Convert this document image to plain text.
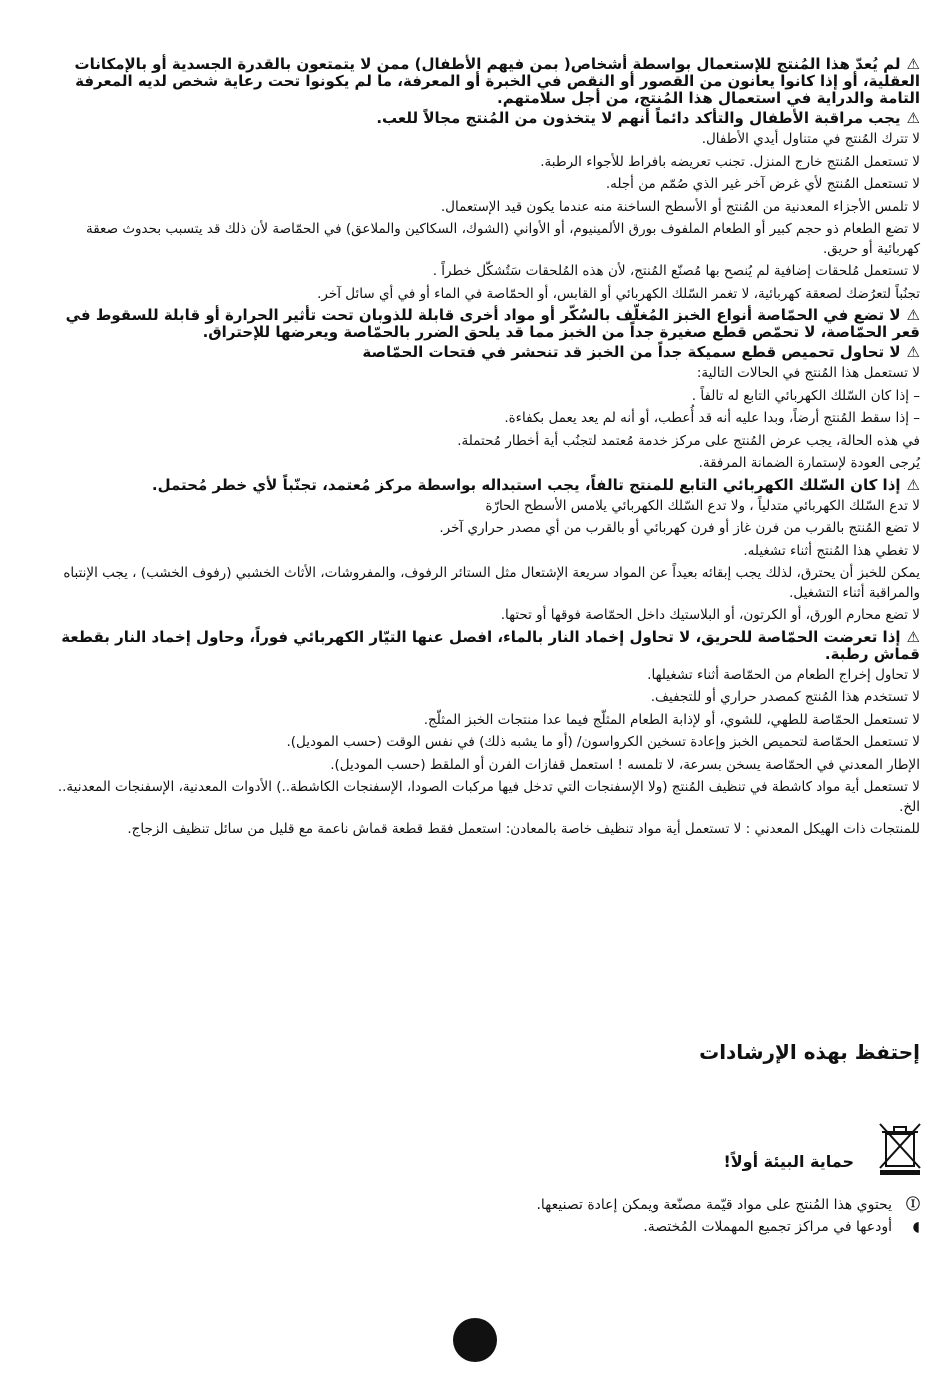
⚠لم يُعدّ هذا المُنتج للإستعمال بواسطة أشخاص( بمن فيهم الأطفال) ممن لا يتمتعون بالقدرة الجسدية أو بالإمكانات العقلية، أو إذا كانوا يعانون من القصور أو النقص في الخبرة أو المعرفة، ما لم يكونوا تحت رعاية شخص لديه المعرفة التامة والدراية في استعمال هذا المُنتج، من أجل سلامتهم.

⚠يجب مراقبة الأطفال والتأكد دائماً أنهم لا يتخذون من المُنتج مجالاً للعب.

لا تترك المُنتج في متناول أيدي الأطفال.

لا تستعمل المُنتج خارج المنزل. تجنب تعريضه بافراط للأجواء الرطبة.

لا تستعمل المُنتج لأي غرض آخر غير الذي صُمّم من أجله.

لا تلمس الأجزاء المعدنية من المُنتج أو الأسطح الساخنة منه عندما يكون قيد الإستعمال.

لا تضع الطعام ذو حجم كبير أو الطعام الملفوف بورق الألمينيوم، أو الأواني (الشوك، السكاكين والملاعق) في الحمّاصة لأن ذلك قد يتسبب بحدوث صعقة كهربائية أو حريق.

لا تستعمل مُلحقات إضافية لم يُنصح بها مُصنّع المُنتج، لأن هذه المُلحقات سَتُشكّل خطراً .

تجنُباً لتعرُضك لصعقة كهربائية، لا تغمر السّلك الكهربائي أو القابس، أو الحمّاصة في الماء أو في أي سائل آخر.

⚠لا تضع في الحمّاصة أنواع الخبز المُغلّف بالسُكّر أو مواد أخرى قابلة للذوبان تحت تأثير الحرارة أو قابلة للسقوط في قعر الحمّاصة، لا تحمّص قطع صغيرة جداً من الخبز مما قد يلحق الضرر بالحمّاصة ويعرضها للإحتراق.

⚠لا تحاول تحميص قطع سميكة جداً من الخبز قد تنحشر في فتحات الحمّاصة

لا تستعمل هذا المُنتج في الحالات التالية:

– إذا كان السّلك الكهربائي التابع له تالفاً .

– إذا سقط المُنتج أرضاً، وبدا عليه أنه قد أُعطب، أو أنه لم يعد يعمل بكفاءة.

في هذه الحالة، يجب عرض المُنتج على مركز خدمة مُعتمد لتجنُب أية أخطار مُحتملة.

يُرجى العودة لإستمارة الضمانة المرفقة.

⚠إذا كان السّلك الكهربائي التابع للمنتج تالفاً، يجب استبداله بواسطة مركز مُعتمد، تجنّباً لأي خطر مُحتمل.

لا تدع السّلك الكهربائي متدلياً ، ولا تدع السّلك الكهربائي يلامس الأسطح الحارّة

لا تضع المُنتج بالقرب من فرن غاز أو فرن كهربائي أو بالقرب من أي مصدر حراري آخر.

لا تغطي هذا المُنتج أثناء تشغيله.

يمكن للخبز أن يحترق، لذلك يجب إبقائه بعيداً عن المواد سريعة الإشتعال مثل الستائر الرفوف، والمفروشات، الأثاث الخشبي (رفوف الخشب) ، يجب الإنتباه والمراقبة أثناء التشغيل.

لا تضع محارم الورق، أو الكرتون، أو البلاستيك داخل الحمّاصة فوقها أو تحتها.

⚠إذا تعرضت الحمّاصة للحريق، لا تحاول إخماد النار بالماء، افصل عنها التيّار الكهربائي فوراً، وحاول إخماد النار بقطعة قماش رطبة.

لا تحاول إخراج الطعام من الحمّاصة أثناء تشغيلها.

لا تستخدم هذا المُنتج كمصدر حراري أو للتجفيف.

لا تستعمل الحمّاصة للطهي، للشوي، أو لإذابة الطعام المثلّج فيما عدا منتجات الخبز المثلّج.

لا تستعمل الحمّاصة لتحميص الخبز وإعادة تسخين الكرواسون/ (أو ما يشبه ذلك) في نفس الوقت (حسب الموديل).

الإطار المعدني في الحمّاصة يسخن بسرعة، لا تلمسه ! استعمل قفازات الفرن أو الملقط (حسب الموديل).

لا تستعمل أية مواد كاشطة في تنظيف المُنتج (ولا الإسفنجات التي تدخل فيها مركبات الصودا، الإسفنجات الكاشطة..) الأدوات المعدنية، الإسفنجات المعدنية.. الخ.

للمنتجات ذات الهيكل المعدني : لا تستعمل أية مواد تنظيف خاصة بالمعادن: استعمل فقط قطعة قماش ناعمة مع قليل من سائل تنظيف الزجاج.

إحتفظ بهذه الإرشادات
حماية البيئة أولاً!
Ⓘ
يحتوي هذا المُنتج على مواد قيّمة مصنّعة ويمكن إعادة تصنيعها.
◖
أودعها في مراكز تجميع المهملات المُختصة.
